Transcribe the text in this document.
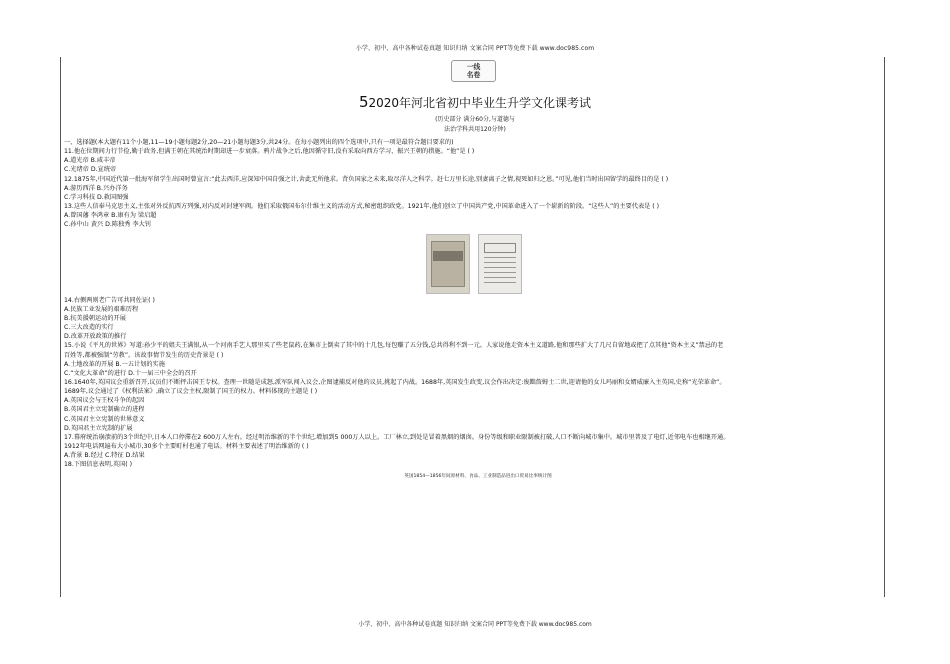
小学、初中、高中各种试卷真题 知识归纳 文案合同 PPT等免费下载 www.doc985.com
一线
名卷
52020年河北省初中毕业生升学文化课考试
(历史部分 满分60分,与道德与
法治学科共用120分钟)
一、选择题(本大题有11个小题,11—19小题每题2分,20—21小题每题3分,共24分。在每小题列出的四个选项中,只有一项是最符合题目要求的)
11.他在位期间力行节俭,勤于政务,但满王朝在其统治时期却进一步衰落。鸦片战争之后,他因循守旧,没有采取向西方学习、振兴王朝的措施。“他”是 ( )
A.道光帝 B.咸丰帝
C.光绪帝 D.宣统帝
12.1875年,中国近代第一批海军留学生出国时曾宣言:“此去西洋,应深知中国自强之计,舍此无所他求。背负国家之未来,取尽洋人之科学。赶七万里长途,别妻离子之情,视死如归之恩。”可见,他们当时出国留学的最终目的是 ( )
A.游历西洋 B.兴办洋务
C.学习科技 D.救国图强
13.这些人信奉马克思主义,主张对外反抗西方列强,对内反对封建军阀。他们采取俄国布尔什维主义的活动方式,秘密组织政党。1921年,他们创立了中国共产党,中国革命进入了一个崭新的阶段。“这些人”的主要代表是 ( )
A.曾国藩 李鸿章 B.康有为 梁启超
C.孙中山 黄兴 D.陈独秀 李大钊
14.右侧两则老广告可共同佐证( )
A.民族工业发展的艰难历程
B.抗美援朝运动的开展
C.三大改造的实行
D.改革开放政策的推行
15.小说《平凡的世界》写道:孙少平的姐夫王满银,从一个河南手艺人那里买了些老鼠药,在集市上倒卖了其中的十几包,每包赚了五分钱,总共得利不到一元。人家说他走资本主义道路,他和那些扩大了几尺自留地或把了点其他“资本主义”禁忌的老
百姓等,都被强制“劳教”。该故事情节发生的历史背景是 ( )
A.土地改革的开展 B.一五计划的实施
C.“文化大革命”的进行 D.十一届三中全会的召开
16.1640年,英国议会重新召开,议员们不断抨击国王专权。查理一世随是成怒,派军队闯入议会,企图逮捕反对他的议员,挑起了内战。1688年,英国发生政变,议会作出决定:废黜詹姆士二世,迎请他的女儿玛丽和女婿威廉入主英国,史称“光荣革命”。
1689年,议会通过了《权利法案》,确立了议会主权,限制了国王的权力。材料体现的主题是 ( )
A.英国议会与王权斗争的起因
B.英国君主立宪制确立的进程
C.英国君主立宪制的世界意义
D.英国君主立宪制的扩展
17.幕府统治崩溃前的3个世纪中,日本人口停滞在2 600万人左右。经过明治维新的半个世纪,增加到5 000万人以上。工厂林立,到处是冒着黑烟的烟囱。身份等级和职业限制被打破,人口不断向城市集中。城市里普及了电灯,近邻电车也相继开通。
1912年电话网遍布大小城市,30多个主要町村也通了电话。材料主要表述了明治维新的 ( )
A.背景 B.经过 C.特征 D.结果
18.下图信息表明,英国( )
英国1854—1856年间原材料、食品、工业制造品进出口贸易比率统计图
小学、初中、高中各种试卷真题 知识归纳 文案合同 PPT等免费下载 www.doc985.com
